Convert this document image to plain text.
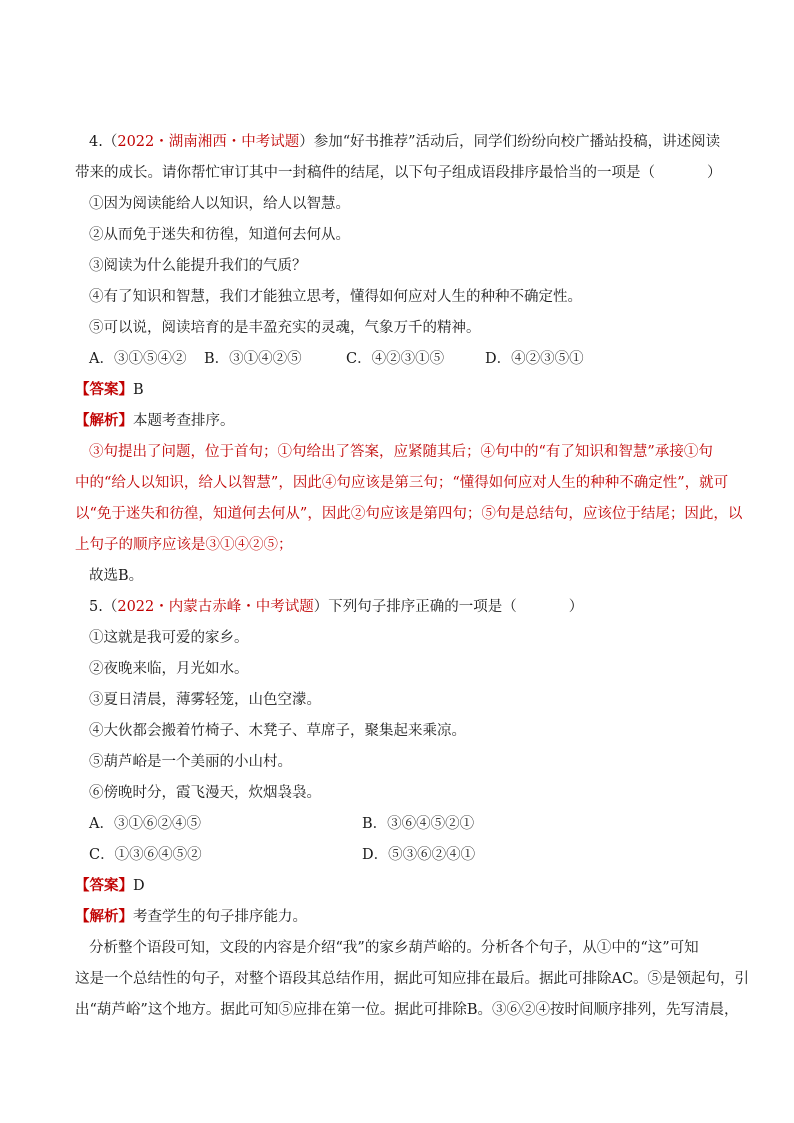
4.（2022・湖南湘西・中考试题）参加“好书推荐”活动后，同学们纷纷向校广播站投稿，讲述阅读
带来的成长。请你帮忙审订其中一封稿件的结尾，以下句子组成语段排序最恰当的一项是（	）
①因为阅读能给人以知识，给人以智慧。
②从而免于迷失和彷徨，知道何去何从。
③阅读为什么能提升我们的气质？
④有了知识和智慧，我们才能独立思考，懂得如何应对人生的种种不确定性。
⑤可以说，阅读培育的是丰盈充实的灵魂，气象万千的精神。
A．③①⑤④② B．③①④②⑤	C．④②③①⑤	D．④②③⑤①
【答案】B
【解析】本题考查排序。
③句提出了问题，位于首句；①句给出了答案，应紧随其后；④句中的“有了知识和智慧”承接①句
中的“给人以知识，给人以智慧”，因此④句应该是第三句；“懂得如何应对人生的种种不确定性”，就可
以“免于迷失和彷徨，知道何去何从”，因此②句应该是第四句；⑤句是总结句，应该位于结尾；因此，以
上句子的顺序应该是③①④②⑤；
故选B。
5.（2022・内蒙古赤峰・中考试题）下列句子排序正确的一项是（	）
①这就是我可爱的家乡。
②夜晚来临，月光如水。
③夏日清晨，薄雾轻笼，山色空濛。
④大伙都会搬着竹椅子、木凳子、草席子，聚集起来乘凉。
⑤葫芦峪是一个美丽的小山村。
⑥傍晚时分，霞飞漫天，炊烟袅袅。
A．③①⑥②④⑤	B．③⑥④⑤②①
C．①③⑥④⑤②	D．⑤③⑥②④①
【答案】D
【解析】考查学生的句子排序能力。
分析整个语段可知，文段的内容是介绍“我”的家乡葫芦峪的。分析各个句子，从①中的“这”可知
这是一个总结性的句子，对整个语段其总结作用，据此可知应排在最后。据此可排除AC。⑤是领起句，引
出“葫芦峪”这个地方。据此可知⑤应排在第一位。据此可排除B。③⑥②④按时间顺序排列，先写清晨，
